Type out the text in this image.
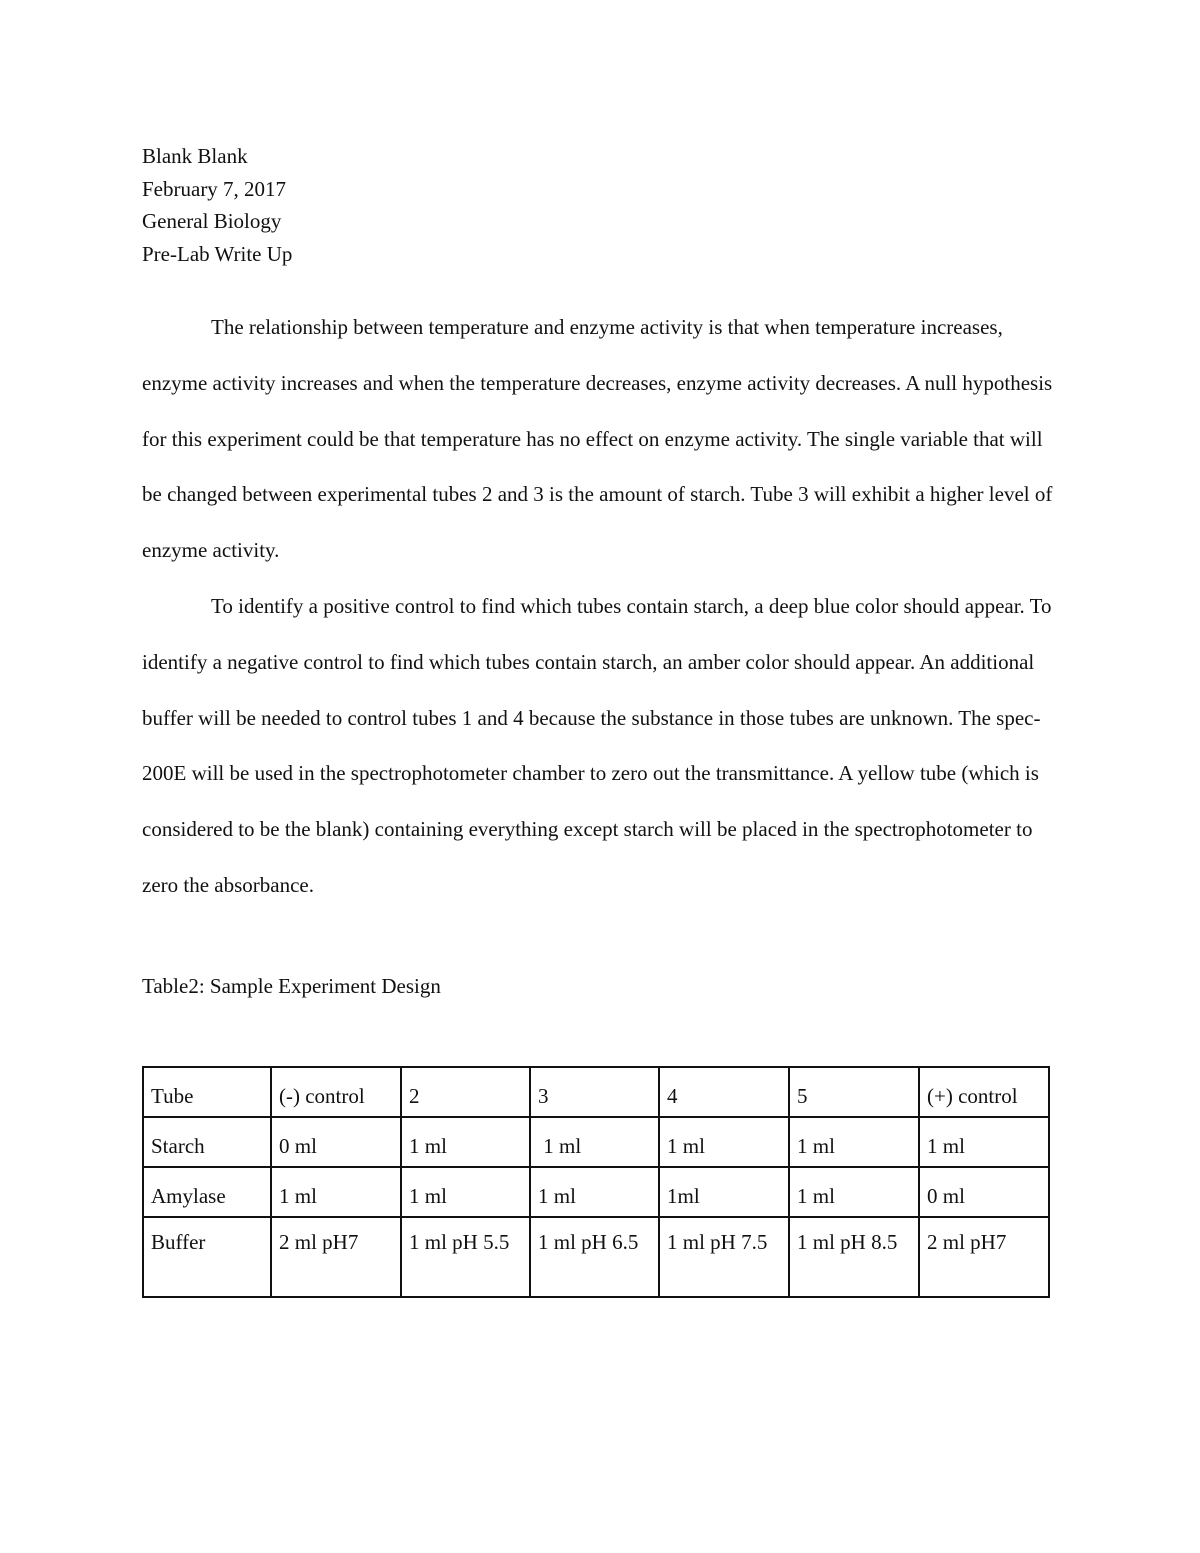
Blank Blank

February 7, 2017

General Biology

Pre-Lab Write Up

The relationship between temperature and enzyme activity is that when temperature increases, enzyme activity increases and when the temperature decreases, enzyme activity decreases. A null hypothesis for this experiment could be that temperature has no effect on enzyme activity. The single variable that will be changed between experimental tubes 2 and 3 is the amount of starch. Tube 3 will exhibit a higher level of enzyme activity.

To identify a positive control to find which tubes contain starch, a deep blue color should appear. To identify a negative control to find which tubes contain starch, an amber color should appear. An additional buffer will be needed to control tubes 1 and 4 because the substance in those tubes are unknown. The spec-200E will be used in the spectrophotometer chamber to zero out the transmittance. A yellow tube (which is considered to be the blank) containing everything except starch will be placed in the spectrophotometer to zero the absorbance.

Table2: Sample Experiment Design

Tube	(-) control	2	3	4	5	(+) control
Starch	0 ml	1 ml	1 ml	1 ml	1 ml	1 ml
Amylase	1 ml	1 ml	1 ml	1ml	1 ml	0 ml
Buffer	2 ml pH7	1 ml pH 5.5	1 ml pH 6.5	1 ml pH 7.5	1 ml pH 8.5	2 ml pH7
